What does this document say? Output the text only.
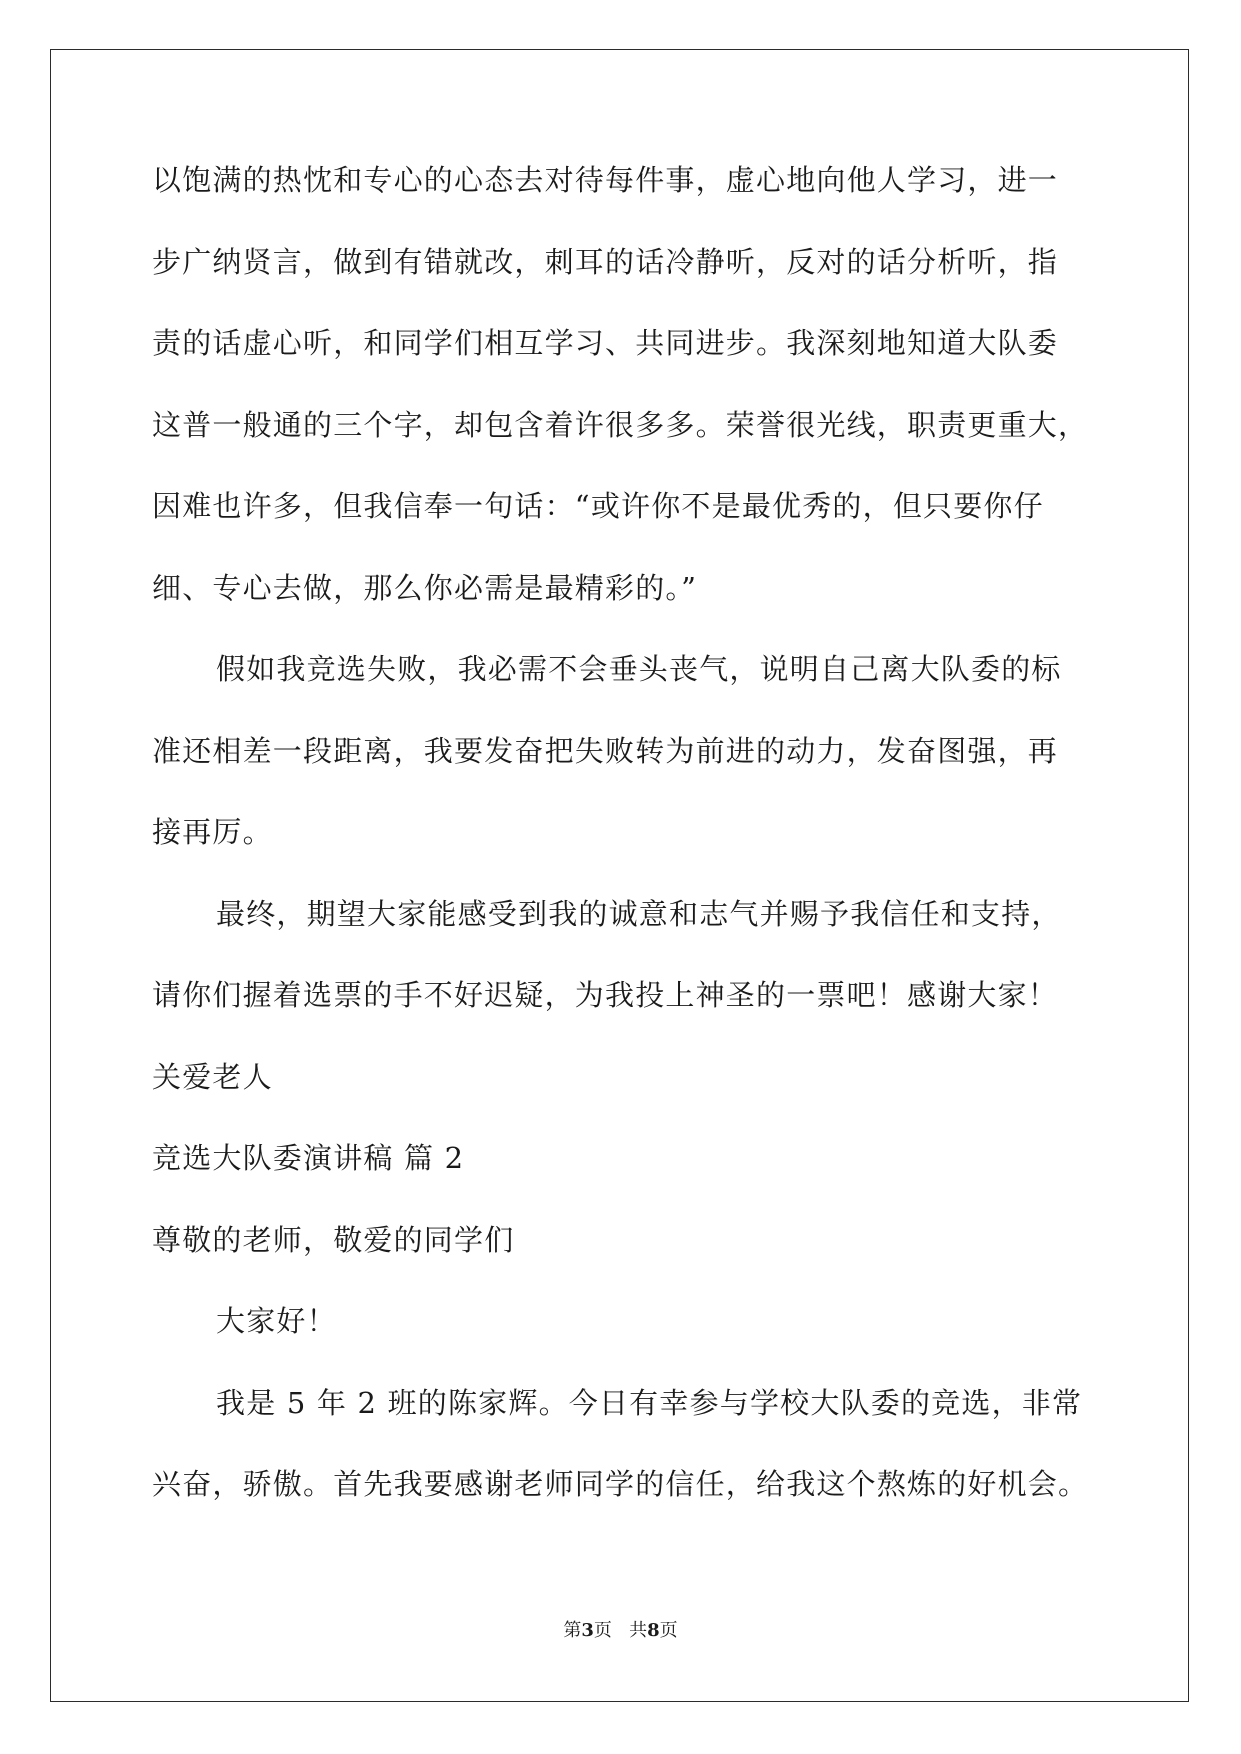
以饱满的热忱和专心的心态去对待每件事，虚心地向他人学习，进一
步广纳贤言，做到有错就改，刺耳的话冷静听，反对的话分析听，指
责的话虚心听，和同学们相互学习、共同进步。我深刻地知道大队委
这普一般通的三个字，却包含着许很多多。荣誉很光线，职责更重大，
因难也许多，但我信奉一句话：“或许你不是最优秀的，但只要你仔
细、专心去做，那么你必需是最精彩的。”
假如我竞选失败，我必需不会垂头丧气，说明自己离大队委的标
准还相差一段距离，我要发奋把失败转为前进的动力，发奋图强，再
接再厉。
最终，期望大家能感受到我的诚意和志气并赐予我信任和支持，
请你们握着选票的手不好迟疑，为我投上神圣的一票吧！感谢大家！
关爱老人
竞选大队委演讲稿 篇 2
尊敬的老师，敬爱的同学们
大家好！
我是 5 年 2 班的陈家辉。今日有幸参与学校大队委的竞选，非常
兴奋，骄傲。首先我要感谢老师同学的信任，给我这个熬炼的好机会。
第3页 共8页
